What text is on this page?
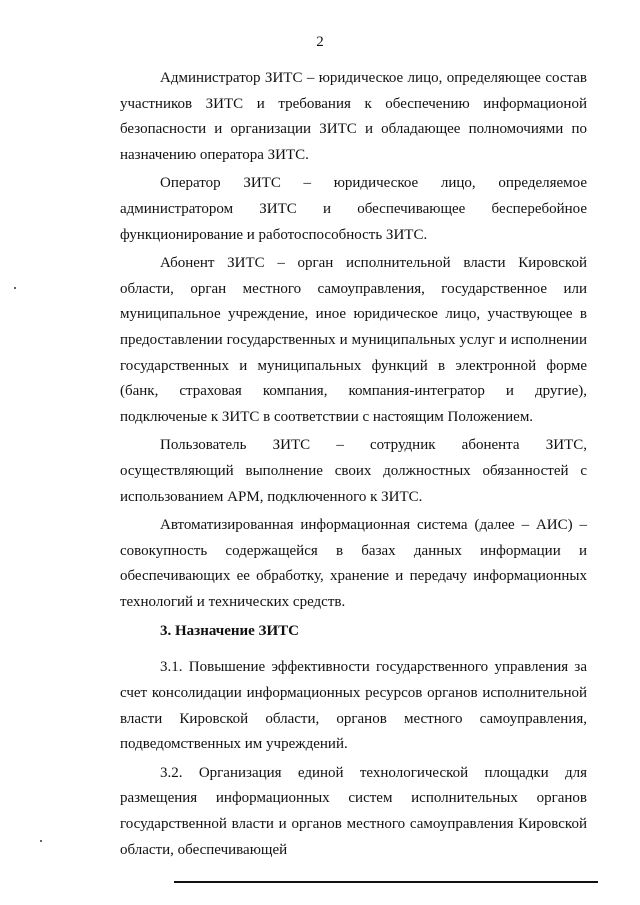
2

Администратор ЗИТС – юридическое лицо, определяющее состав участников ЗИТС и требования к обеспечению информационой безопасности и организации ЗИТС и обладающее полномочиями по назначению оператора ЗИТС.

Оператор ЗИТС – юридическое лицо, определяемое администратором ЗИТС и обеспечивающее бесперебойное функционирование и работоспособность ЗИТС.

Абонент ЗИТС – орган исполнительной власти Кировской области, орган местного самоуправления, государственное или муниципальное учреждение, иное юридическое лицо, участвующее в предоставлении государственных и муниципальных услуг и исполнении государственных и муниципальных функций в электронной форме (банк, страховая компания, компания-интегратор и другие), подключеные к ЗИТС в соответствии с настоящим Положением.

Пользователь ЗИТС – сотрудник абонента ЗИТС, осуществляющий выполнение своих должностных обязанностей с использованием АРМ, подключенного к ЗИТС.

Автоматизированная информационная система (далее – АИС) – совокупность содержащейся в базах данных информации и обеспечивающих ее обработку, хранение и передачу информационных технологий и технических средств.

3. Назначение ЗИТС

3.1. Повышение эффективности государственного управления за счет консолидации информационных ресурсов органов исполнительной власти Кировской области, органов местного самоуправления, подведомственных им учреждений.

3.2. Организация единой технологической площадки для размещения информационных систем исполнительных органов государственной власти и органов местного самоуправления Кировской области, обеспечивающей
